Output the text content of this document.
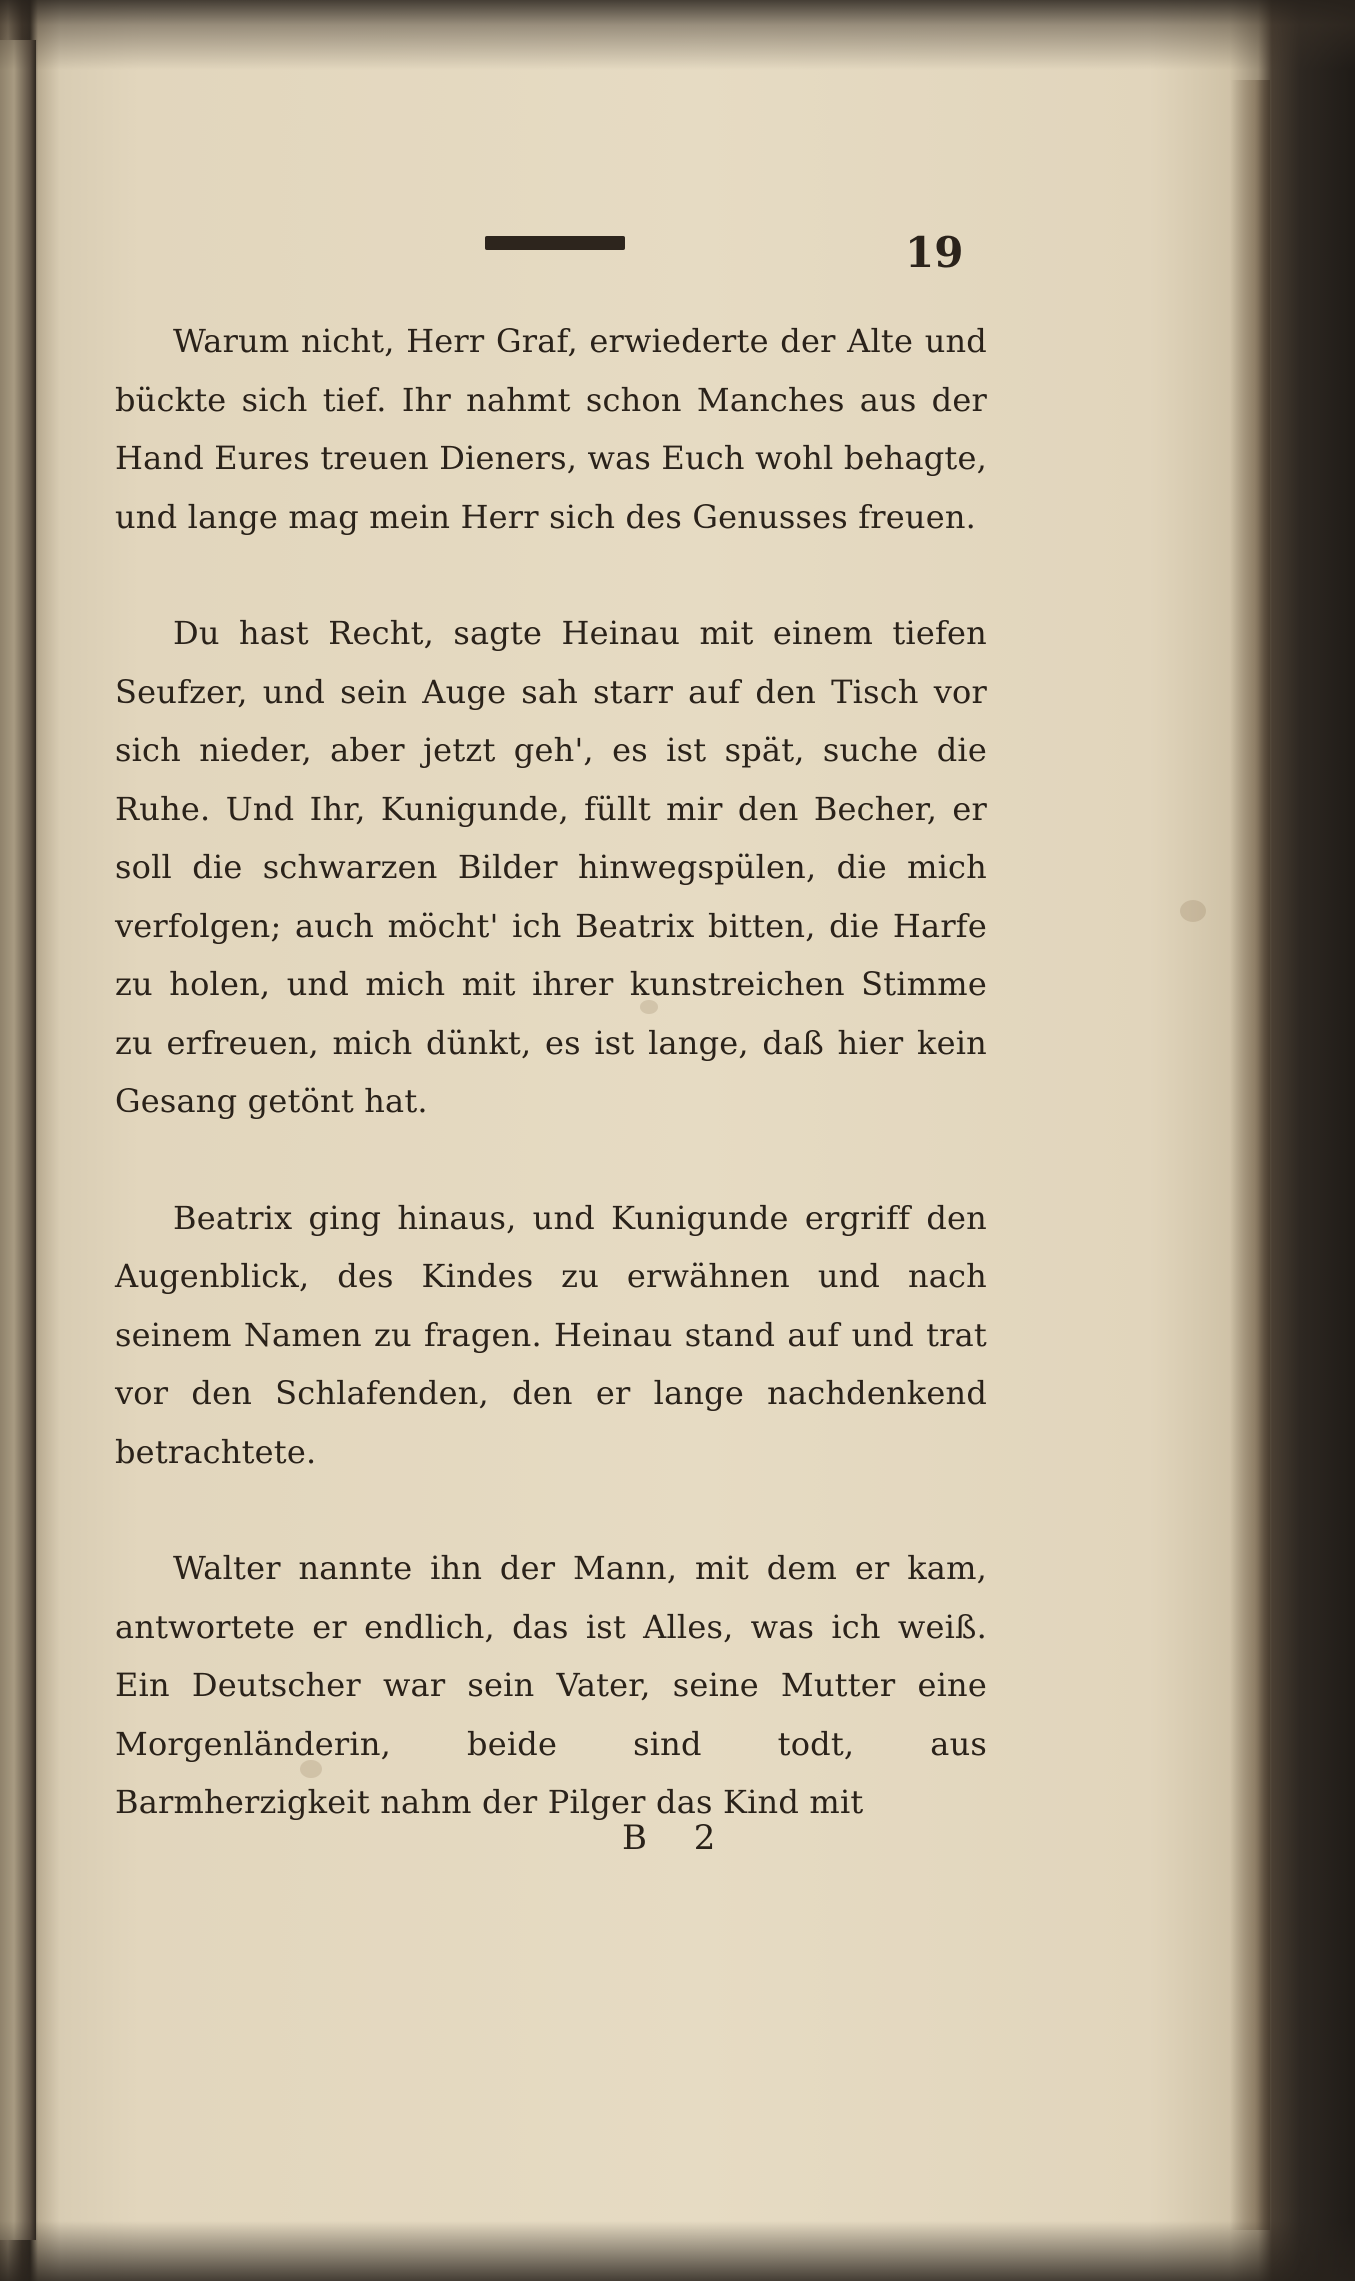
19

Warum nicht, Herr Graf, erwiederte der Alte und bückte sich tief. Ihr nahmt schon Manches aus der Hand Eures treuen Dieners, was Euch wohl behagte, und lange mag mein Herr sich des Genusses freuen.

Du hast Recht, sagte Heinau mit einem tiefen Seufzer, und sein Auge sah starr auf den Tisch vor sich nieder, aber jetzt geh', es ist spät, suche die Ruhe. Und Ihr, Kunigunde, füllt mir den Becher, er soll die schwarzen Bilder hinwegspülen, die mich verfolgen; auch möcht' ich Beatrix bitten, die Harfe zu holen, und mich mit ihrer kunstreichen Stimme zu erfreuen, mich dünkt, es ist lange, daß hier kein Gesang getönt hat.

Beatrix ging hinaus, und Kunigunde ergriff den Augenblick, des Kindes zu erwähnen und nach seinem Namen zu fragen. Heinau stand auf und trat vor den Schlafenden, den er lange nachdenkend betrachtete.

Walter nannte ihn der Mann, mit dem er kam, antwortete er endlich, das ist Alles, was ich weiß. Ein Deutscher war sein Vater, seine Mutter eine Morgenländerin, beide sind todt, aus Barmherzigkeit nahm der Pilger das Kind mit

B 2
